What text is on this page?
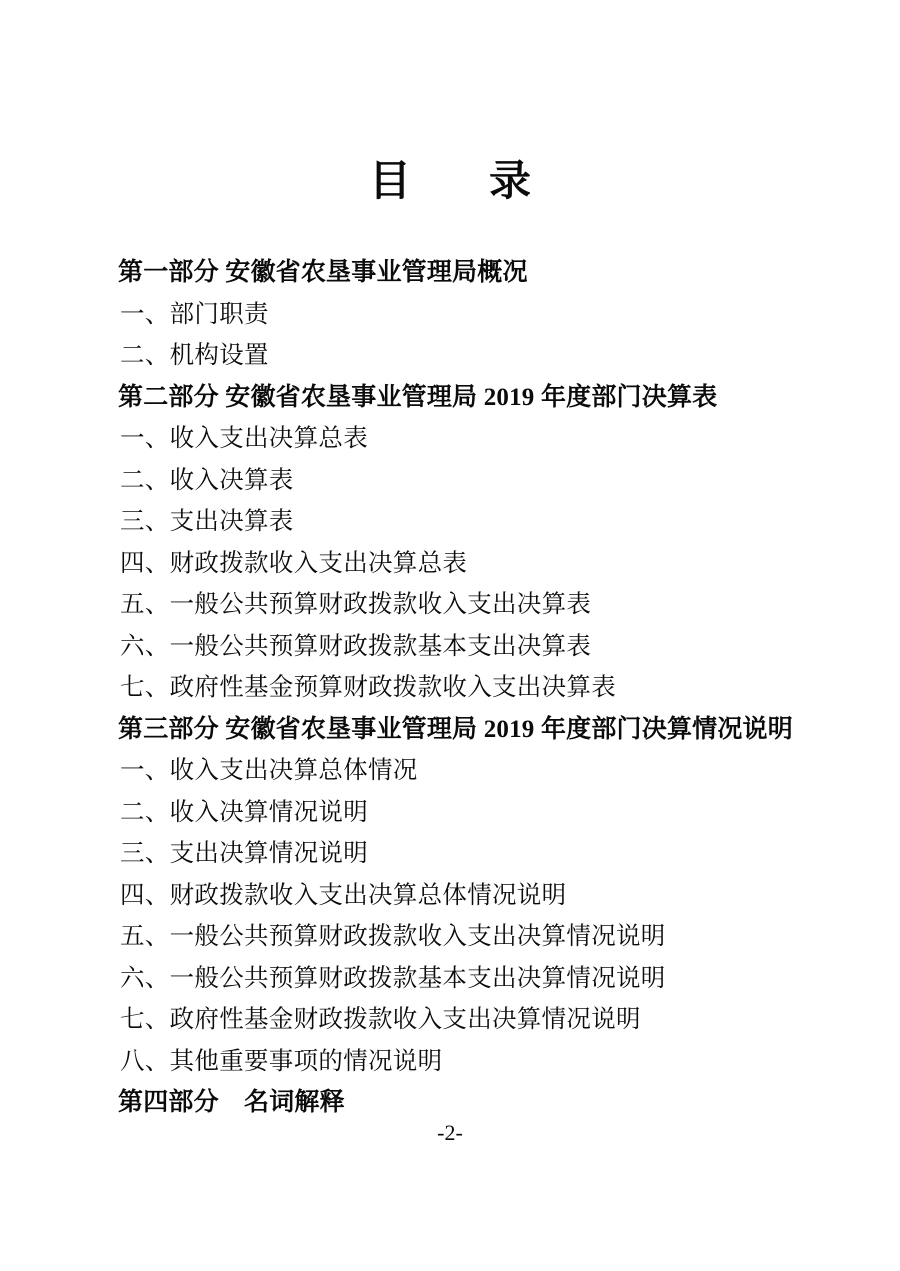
目　录
第一部分 安徽省农垦事业管理局概况
一、部门职责
二、机构设置
第二部分 安徽省农垦事业管理局 2019 年度部门决算表
一、收入支出决算总表
二、收入决算表
三、支出决算表
四、财政拨款收入支出决算总表
五、一般公共预算财政拨款收入支出决算表
六、一般公共预算财政拨款基本支出决算表
七、政府性基金预算财政拨款收入支出决算表
第三部分 安徽省农垦事业管理局 2019 年度部门决算情况说明
一、收入支出决算总体情况
二、收入决算情况说明
三、支出决算情况说明
四、财政拨款收入支出决算总体情况说明
五、一般公共预算财政拨款收入支出决算情况说明
六、一般公共预算财政拨款基本支出决算情况说明
七、政府性基金财政拨款收入支出决算情况说明
八、其他重要事项的情况说明
第四部分　名词解释
-2-
